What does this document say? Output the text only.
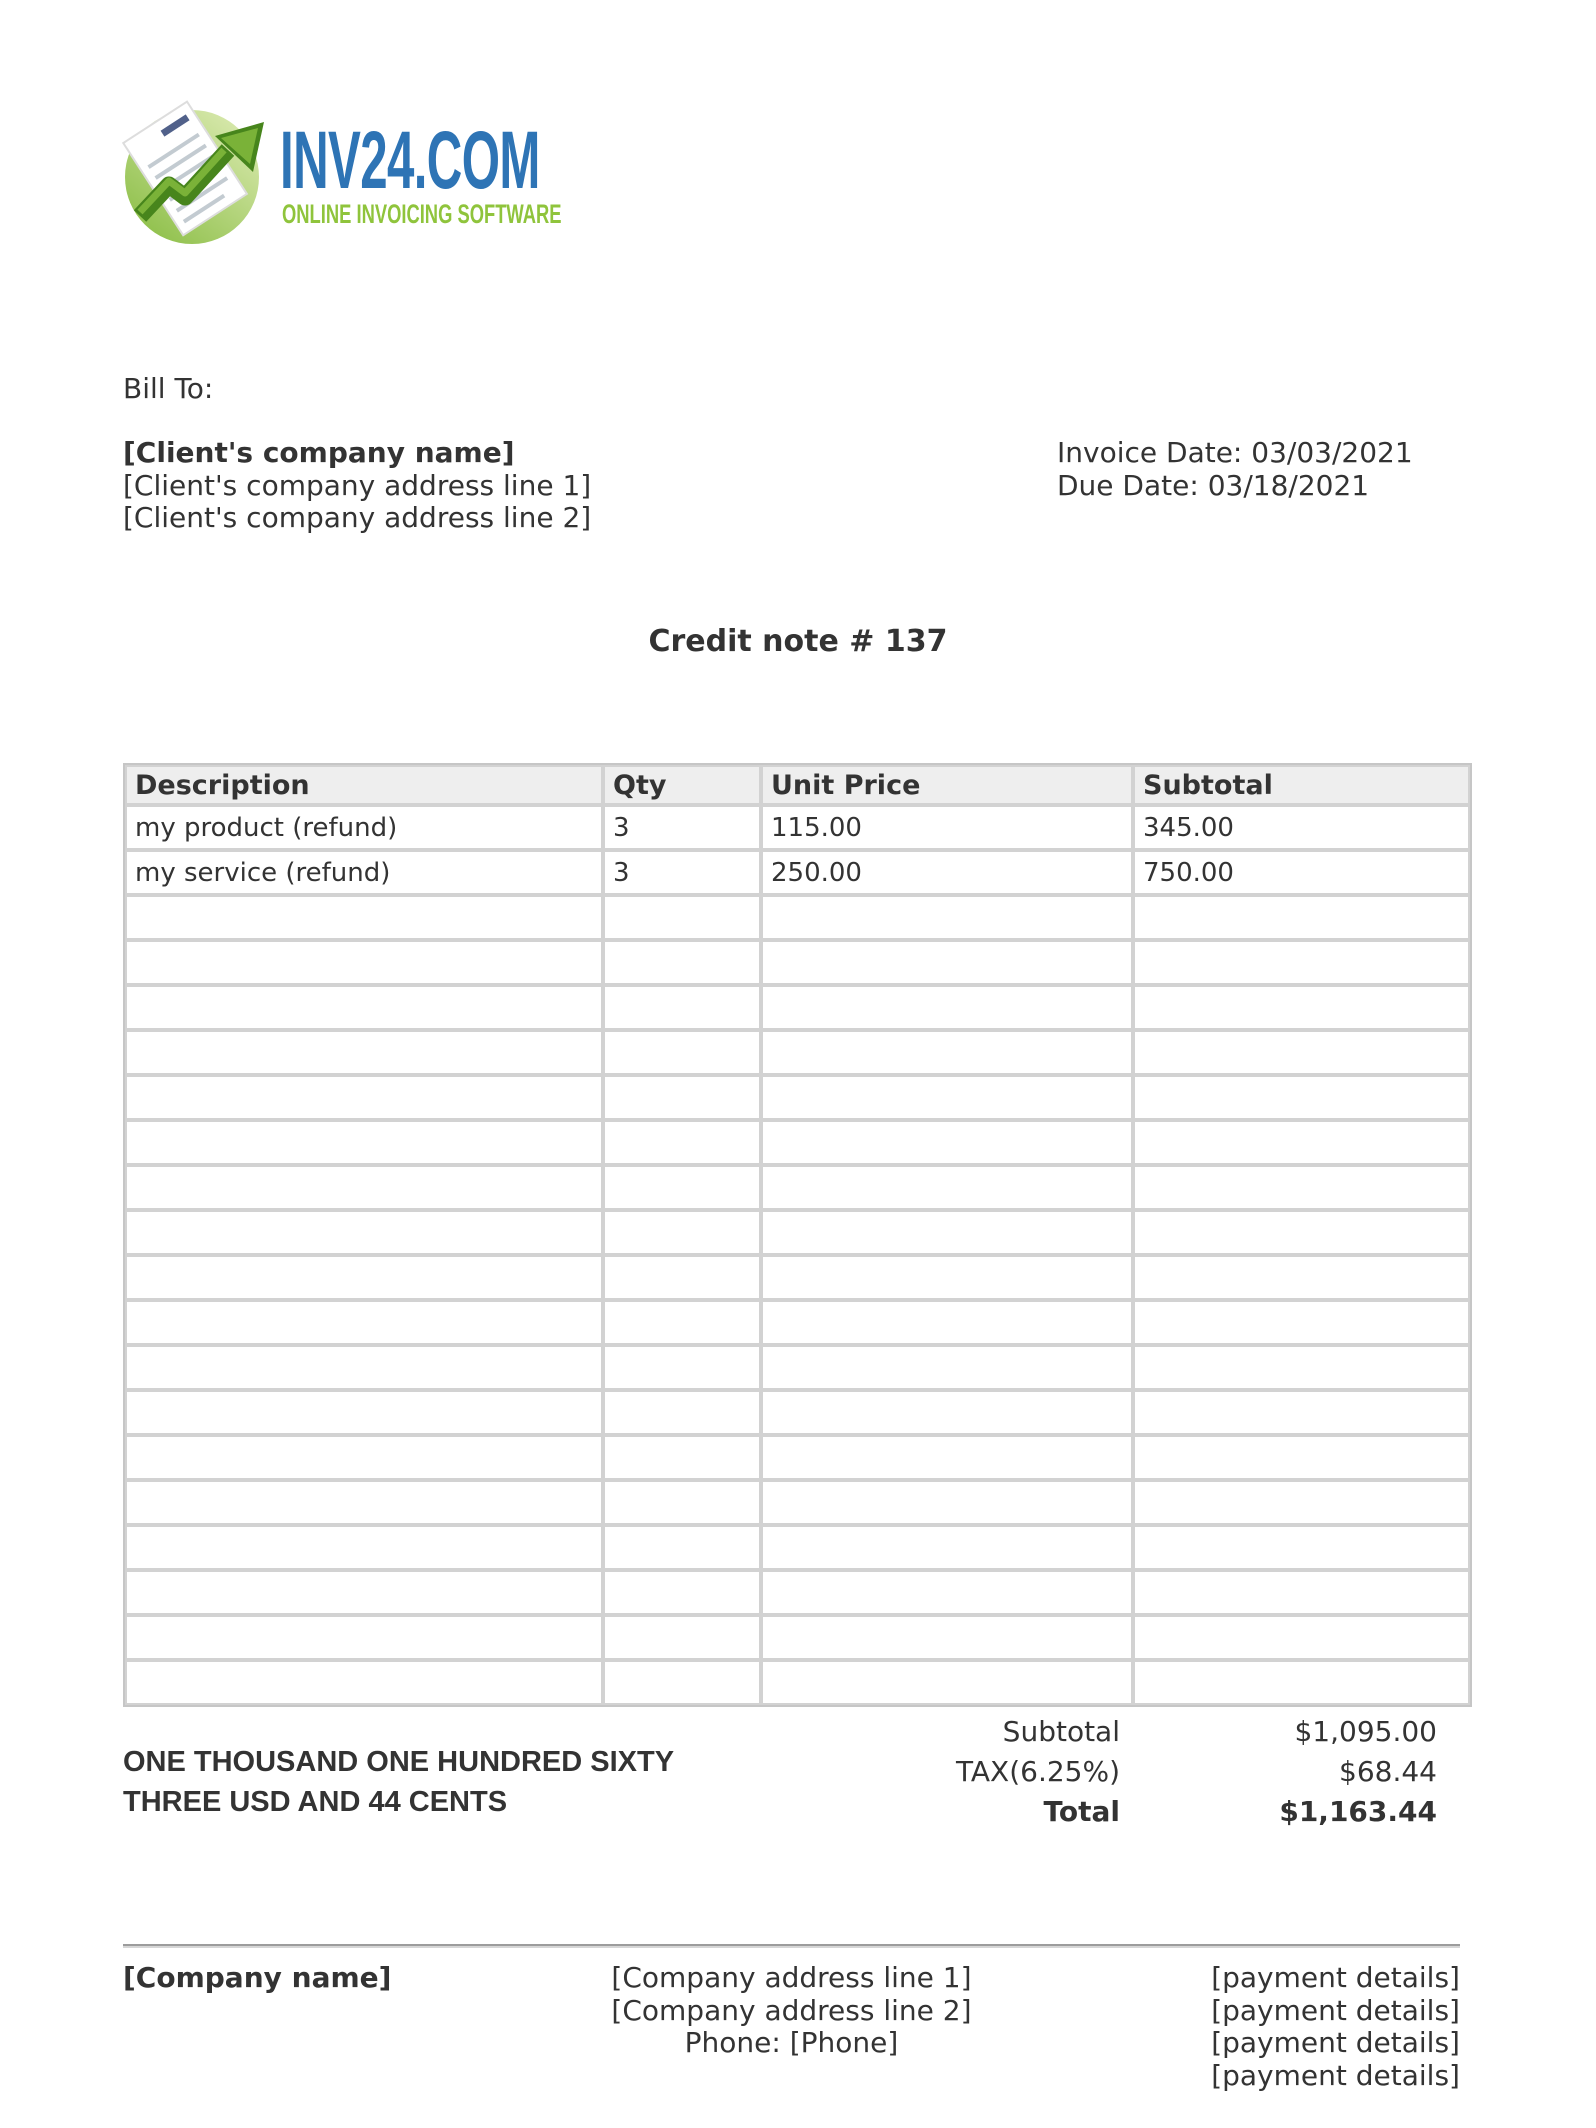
INV24.COM
ONLINE INVOICING SOFTWARE
Bill To:
[Client's company name]
[Client's company address line 1]
[Client's company address line 2]
Invoice Date: 03/03/2021
Due Date: 03/18/2021
Credit note # 137
Description	Qty	Unit Price	Subtotal
my product (refund)	3	115.00	345.00
my service (refund)	3	250.00	750.00

ONE THOUSAND ONE HUNDRED SIXTY THREE USD AND 44 CENTS
Subtotal	$1,095.00
TAX(6.25%)	$68.44
Total	$1,163.44
[Company name]	[Company address line 1]
[Company address line 2]
Phone: [Phone]
[payment details]
[payment details]
[payment details]
[payment details]
